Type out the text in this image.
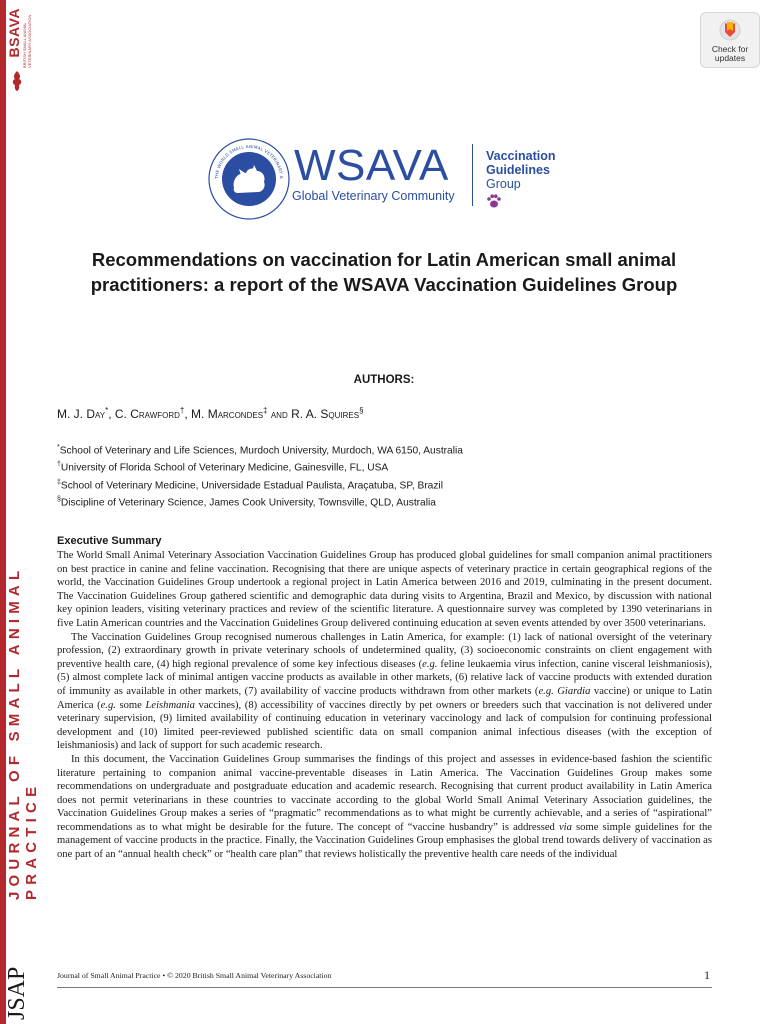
BSAVA BRITISH SMALL ANIMAL VETERINARY ASSOCIATION
JOURNAL OF SMALL ANIMAL PRACTICE
JSAP
Check for updates
THE WORLD SMALL ANIMAL VETERINARY A WSAVA
Global Veterinary Community
Vaccination
Guidelines
Group
Recommendations on vaccination for Latin American small animal practitioners: a report of the WSAVA Vaccination Guidelines Group
AUTHORS:
M. J. Day*, C. Crawford†, M. Marcondes‡ and R. A. Squires§
*School of Veterinary and Life Sciences, Murdoch University, Murdoch, WA 6150, Australia
†University of Florida School of Veterinary Medicine, Gainesville, FL, USA
‡School of Veterinary Medicine, Universidade Estadual Paulista, Araçatuba, SP, Brazil
§Discipline of Veterinary Science, James Cook University, Townsville, QLD, Australia
Executive Summary

The World Small Animal Veterinary Association Vaccination Guidelines Group has produced global guidelines for small companion animal practitioners on best practice in canine and feline vaccination. Recognising that there are unique aspects of veterinary practice in certain geographical regions of the world, the Vaccination Guidelines Group undertook a regional project in Latin America between 2016 and 2019, culminating in the present document. The Vaccination Guidelines Group gathered scientific and demographic data during visits to Argentina, Brazil and Mexico, by discussion with national key opinion leaders, visiting veterinary practices and review of the scientific literature. A questionnaire survey was completed by 1390 veterinarians in five Latin American countries and the Vaccination Guidelines Group delivered continuing education at seven events attended by over 3500 veterinarians.

The Vaccination Guidelines Group recognised numerous challenges in Latin America, for example: (1) lack of national oversight of the veterinary profession, (2) extraordinary growth in private veterinary schools of undetermined quality, (3) socioeconomic constraints on client engagement with preventive health care, (4) high regional prevalence of some key infectious diseases (e.g. feline leukaemia virus infection, canine visceral leishmaniosis), (5) almost complete lack of minimal antigen vaccine products as available in other markets, (6) relative lack of vaccine products with extended duration of immunity as available in other markets, (7) availability of vaccine products withdrawn from other markets (e.g. Giardia vaccine) or unique to Latin America (e.g. some Leishmania vaccines), (8) accessibility of vaccines directly by pet owners or breeders such that vaccination is not delivered under veterinary supervision, (9) limited availability of continuing education in veterinary vaccinology and lack of compulsion for continuing professional development and (10) limited peer-reviewed published scientific data on small companion animal infectious diseases (with the exception of leishmaniosis) and lack of support for such academic research.

In this document, the Vaccination Guidelines Group summarises the findings of this project and assesses in evidence-based fashion the scientific literature pertaining to companion animal vaccine-preventable diseases in Latin America. The Vaccination Guidelines Group makes some recommendations on undergraduate and postgraduate education and academic research. Recognising that current product availability in Latin America does not permit veterinarians in these countries to vaccinate according to the global World Small Animal Veterinary Association guidelines, the Vaccination Guidelines Group makes a series of “pragmatic” recommendations as to what might be currently achievable, and a series of “aspirational” recommendations as to what might be desirable for the future. The concept of “vaccine husbandry” is addressed via some simple guidelines for the management of vaccine products in the practice. Finally, the Vaccination Guidelines Group emphasises the global trend towards delivery of vaccination as one part of an “annual health check” or “health care plan” that reviews holistically the preventive health care needs of the individual

Journal of Small Animal Practice • © 2020 British Small Animal Veterinary Association	1
